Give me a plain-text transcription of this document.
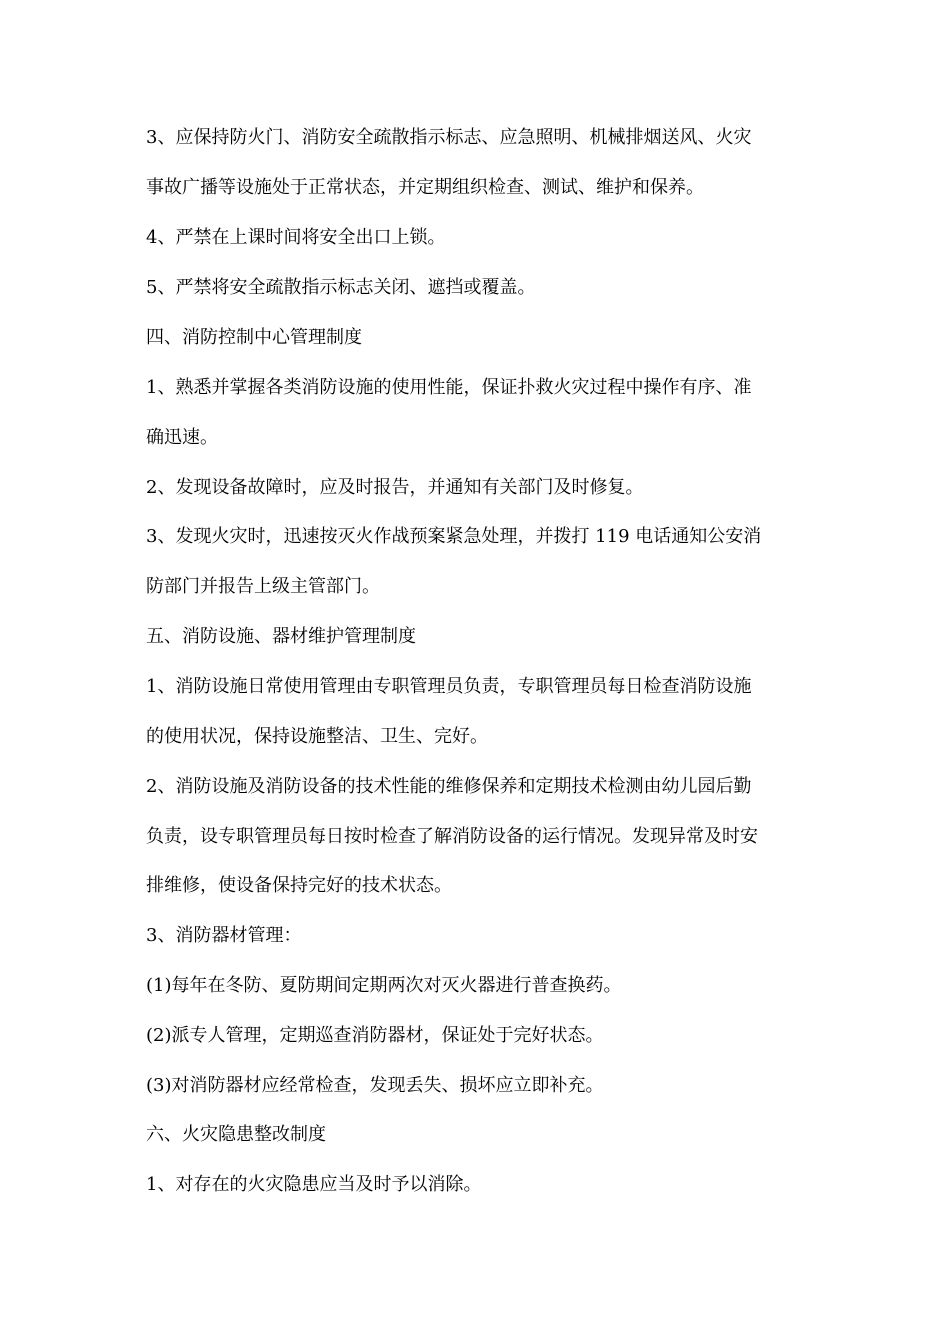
3、应保持防火门、消防安全疏散指示标志、应急照明、机械排烟送风、火灾
事故广播等设施处于正常状态，并定期组织检查、测试、维护和保养。
4、严禁在上课时间将安全出口上锁。
5、严禁将安全疏散指示标志关闭、遮挡或覆盖。
四、消防控制中心管理制度
1、熟悉并掌握各类消防设施的使用性能，保证扑救火灾过程中操作有序、准
确迅速。
2、发现设备故障时，应及时报告，并通知有关部门及时修复。
3、发现火灾时，迅速按灭火作战预案紧急处理，并拨打 119 电话通知公安消
防部门并报告上级主管部门。
五、消防设施、器材维护管理制度
1、消防设施日常使用管理由专职管理员负责，专职管理员每日检查消防设施
的使用状况，保持设施整洁、卫生、完好。
2、消防设施及消防设备的技术性能的维修保养和定期技术检测由幼儿园后勤
负责，设专职管理员每日按时检查了解消防设备的运行情况。发现异常及时安
排维修，使设备保持完好的技术状态。
3、消防器材管理：
(1)每年在冬防、夏防期间定期两次对灭火器进行普查换药。
(2)派专人管理，定期巡查消防器材，保证处于完好状态。
(3)对消防器材应经常检查，发现丢失、损坏应立即补充。
六、火灾隐患整改制度
1、对存在的火灾隐患应当及时予以消除。
